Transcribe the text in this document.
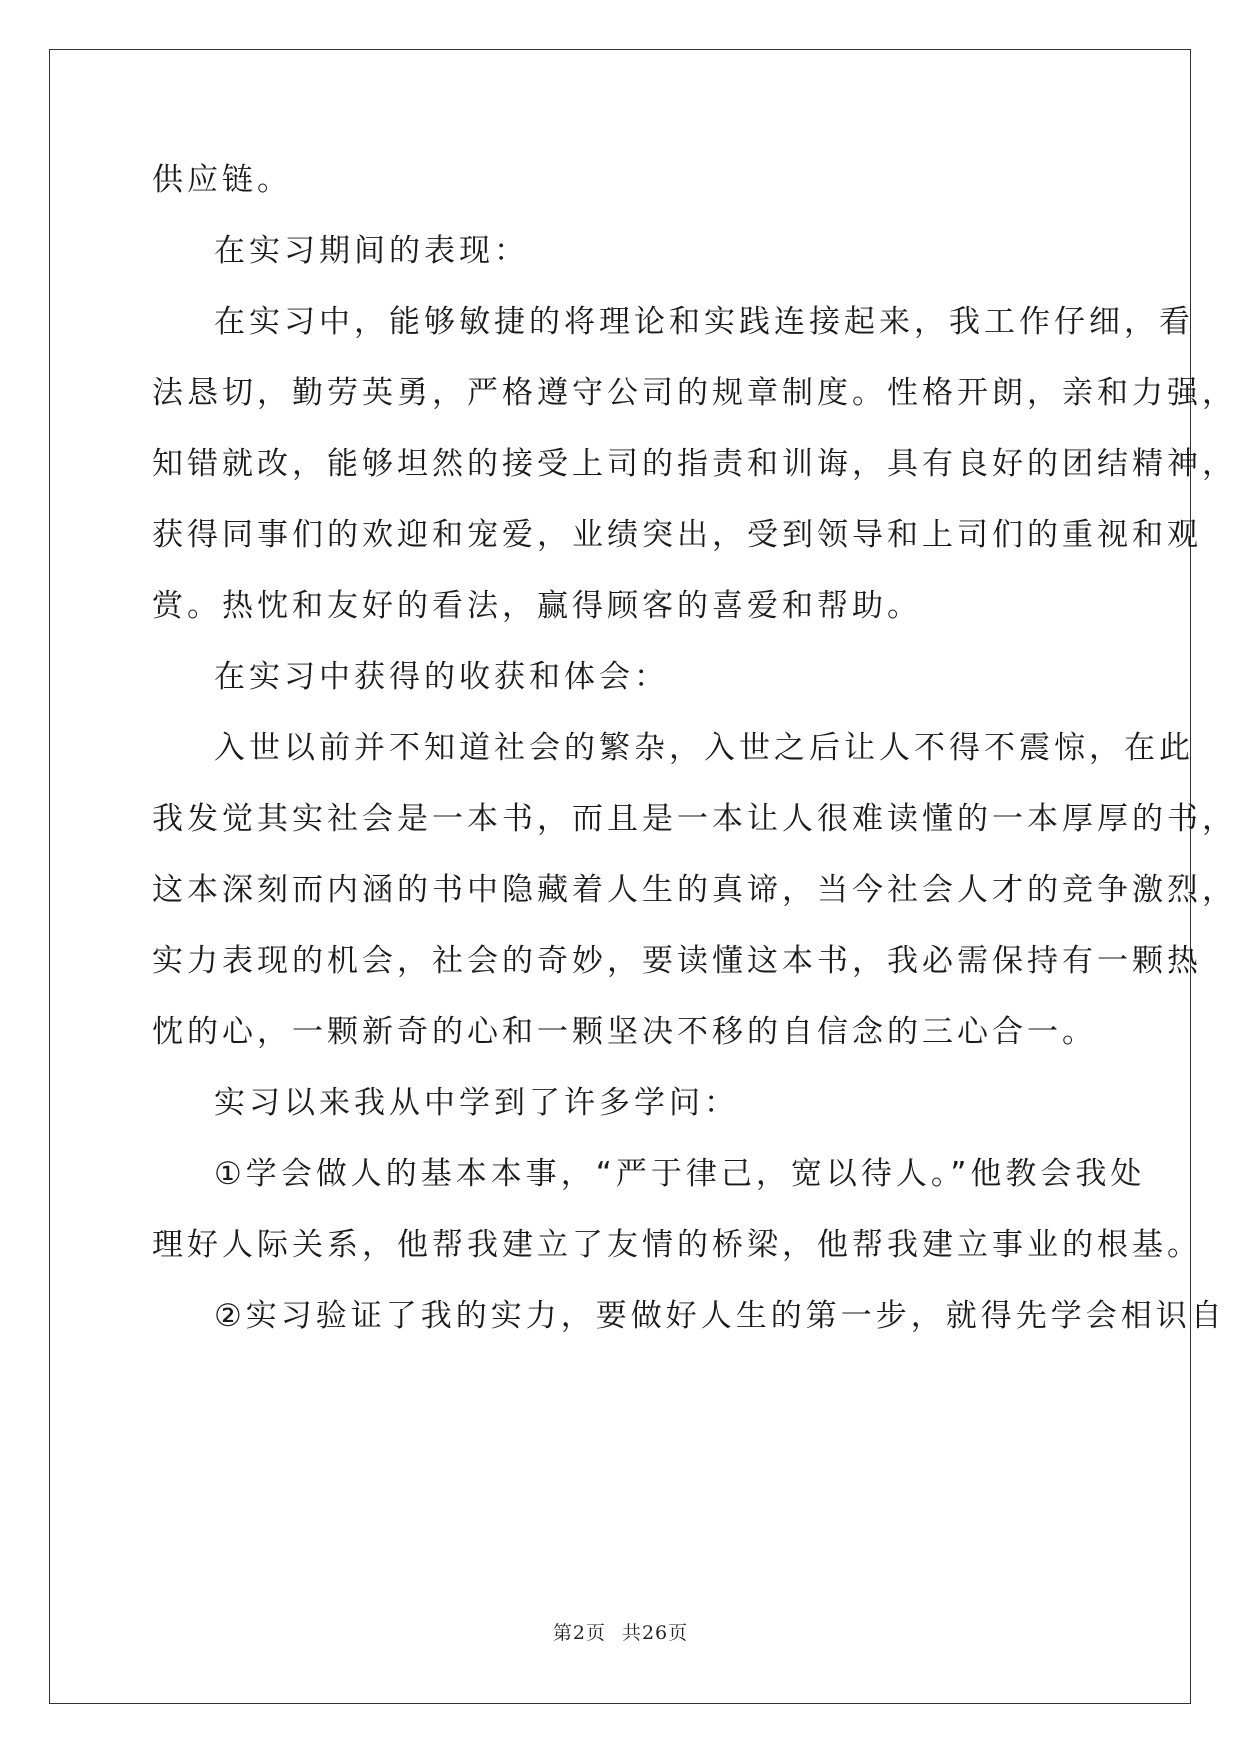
供应链。
在实习期间的表现：
在实习中，能够敏捷的将理论和实践连接起来，我工作仔细，看
法恳切，勤劳英勇，严格遵守公司的规章制度。性格开朗，亲和力强，
知错就改，能够坦然的接受上司的指责和训诲，具有良好的团结精神，
获得同事们的欢迎和宠爱，业绩突出，受到领导和上司们的重视和观
赏。热忱和友好的看法，赢得顾客的喜爱和帮助。
在实习中获得的收获和体会：
入世以前并不知道社会的繁杂，入世之后让人不得不震惊，在此
我发觉其实社会是一本书，而且是一本让人很难读懂的一本厚厚的书，
这本深刻而内涵的书中隐藏着人生的真谛，当今社会人才的竞争激烈，
实力表现的机会，社会的奇妙，要读懂这本书，我必需保持有一颗热
忱的心，一颗新奇的心和一颗坚决不移的自信念的三心合一。
实习以来我从中学到了许多学问：
①学会做人的基本本事，“严于律己，宽以待人。”他教会我处
理好人际关系，他帮我建立了友情的桥梁，他帮我建立事业的根基。
②实习验证了我的实力，要做好人生的第一步，就得先学会相识自
第2页 共26页
